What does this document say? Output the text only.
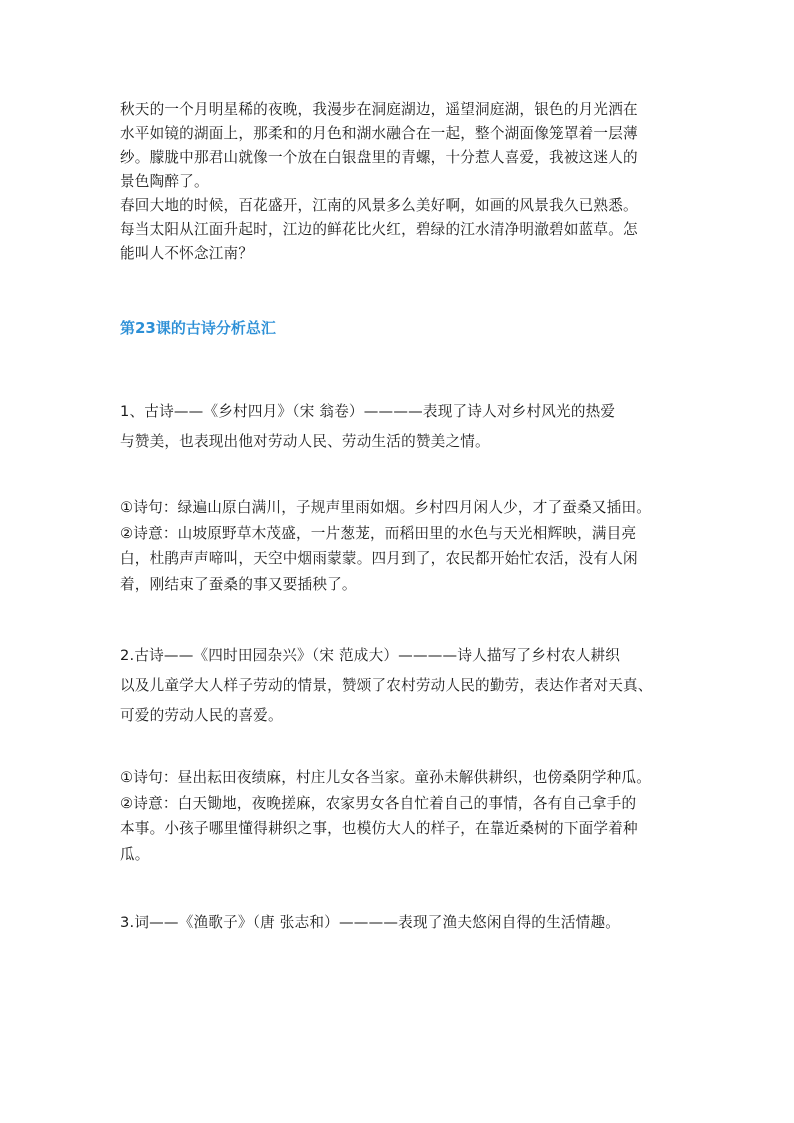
秋天的一个月明星稀的夜晚，我漫步在洞庭湖边，遥望洞庭湖，银色的月光洒在
水平如镜的湖面上，那柔和的月色和湖水融合在一起，整个湖面像笼罩着一层薄
纱。朦胧中那君山就像一个放在白银盘里的青螺，十分惹人喜爱，我被这迷人的
景色陶醉了。

春回大地的时候，百花盛开，江南的风景多么美好啊，如画的风景我久已熟悉。
每当太阳从江面升起时，江边的鲜花比火红，碧绿的江水清净明澈碧如蓝草。怎
能叫人不怀念江南？

第23课的古诗分析总汇

1、古诗——《乡村四月》（宋 翁卷）————表现了诗人对乡村风光的热爱
与赞美，也表现出他对劳动人民、劳动生活的赞美之情。

①诗句：绿遍山原白满川，子规声里雨如烟。乡村四月闲人少，才了蚕桑又插田。
②诗意：山坡原野草木茂盛，一片葱茏，而稻田里的水色与天光相辉映，满目亮
白，杜鹃声声啼叫，天空中烟雨蒙蒙。四月到了，农民都开始忙农活，没有人闲
着，刚结束了蚕桑的事又要插秧了。

2.古诗——《四时田园杂兴》（宋 范成大）————诗人描写了乡村农人耕织
以及儿童学大人样子劳动的情景，赞颂了农村劳动人民的勤劳，表达作者对天真、
可爱的劳动人民的喜爱。

①诗句：昼出耘田夜绩麻，村庄儿女各当家。童孙未解供耕织，也傍桑阴学种瓜。
②诗意：白天锄地，夜晚搓麻，农家男女各自忙着自己的事情，各有自己拿手的
本事。小孩子哪里懂得耕织之事，也模仿大人的样子，在靠近桑树的下面学着种
瓜。

3.词——《渔歌子》（唐 张志和）————表现了渔夫悠闲自得的生活情趣。
